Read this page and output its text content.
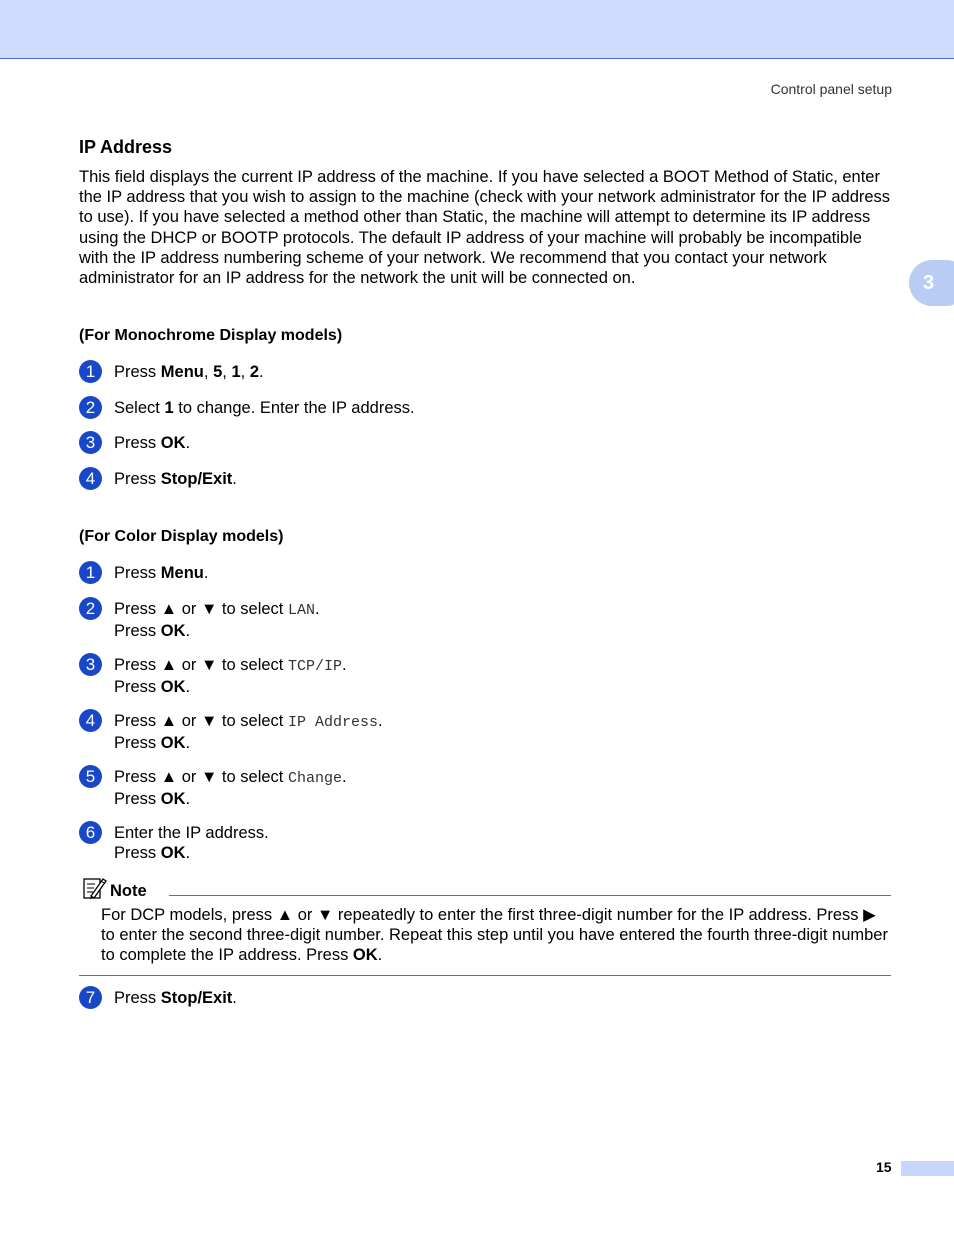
Control panel setup
3
IP Address

This field displays the current IP address of the machine. If you have selected a BOOT Method of Static, enter the IP address that you wish to assign to the machine (check with your network administrator for the IP address to use). If you have selected a method other than Static, the machine will attempt to determine its IP address using the DHCP or BOOTP protocols. The default IP address of your machine will probably be incompatible with the IP address numbering scheme of your network. We recommend that you contact your network administrator for an IP address for the network the unit will be connected on.

(For Monochrome Display models)

1	Press Menu, 5, 1, 2.
2	Select 1 to change. Enter the IP address.
3	Press OK.
4	Press Stop/Exit.

(For Color Display models)

1	Press Menu.
2	Press ▲ or ▼ to select LAN.
Press OK.
3	Press ▲ or ▼ to select TCP/IP.
Press OK.
4	Press ▲ or ▼ to select IP Address.
Press OK.
5	Press ▲ or ▼ to select Change.
Press OK.
6	Enter the IP address.
Press OK.
Note

For DCP models, press ▲ or ▼ repeatedly to enter the first three-digit number for the IP address. Press ▶ to enter the second three-digit number. Repeat this step until you have entered the fourth three-digit number to complete the IP address. Press OK.

7	Press Stop/Exit.
15
